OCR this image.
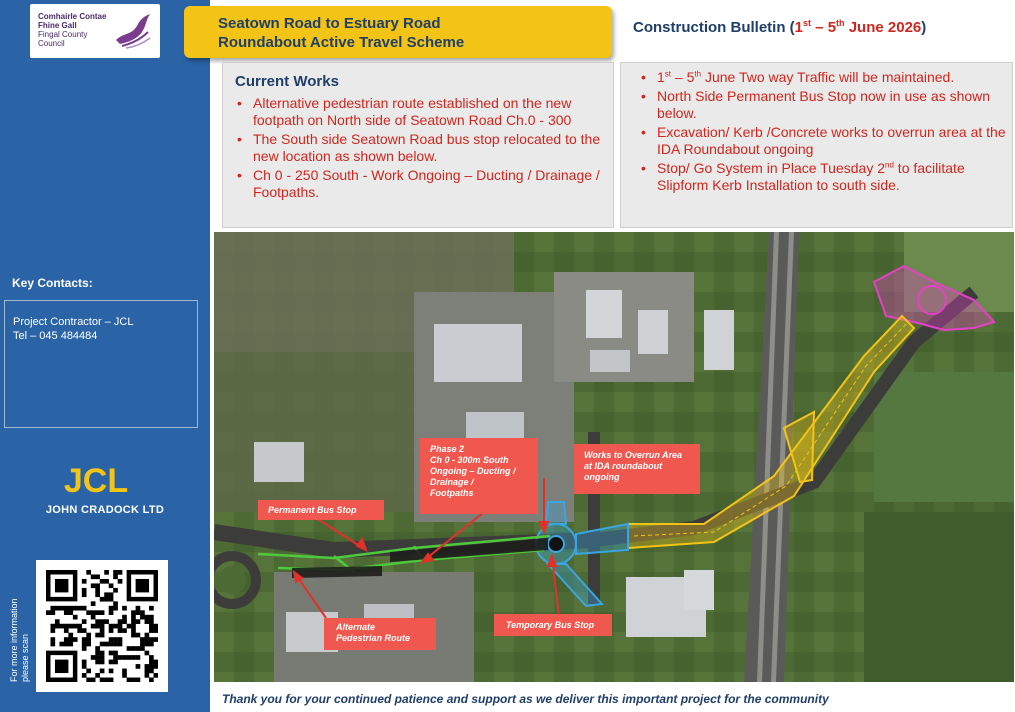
Comhairle Contae
Fhine Gall
Fingal County
Council
Key Contacts:
Project Contractor – JCL
Tel – 045 484484
JCL
JOHN CRADOCK LTD
For more information please scan
Seatown Road to Estuary Road
Roundabout Active Travel Scheme
Construction Bulletin (1st – 5th June 2026)
Current Works
• Alternative pedestrian route established on the new footpath on North side of Seatown Road Ch.0 - 300
• The South side Seatown Road bus stop relocated to the new location as shown below.
• Ch 0 - 250 South - Work Ongoing – Ducting / Drainage / Footpaths.
• 1st – 5th June Two way Traffic will be maintained.
• North Side Permanent Bus Stop now in use as shown below.
• Excavation/ Kerb /Concrete works to overrun area at the IDA Roundabout ongoing
• Stop/ Go System in Place Tuesday 2nd to facilitate Slipform Kerb Installation to south side.
Permanent Bus Stop
Phase 2
Ch 0 - 300m South
Ongoing – Ducting /
Drainage /
Footpaths
Works to Overrun Area
at IDA roundabout
ongoing
Alternate
Pedestrian Route
Temporary Bus Stop
Thank you for your continued patience and support as we deliver this important project for the community
